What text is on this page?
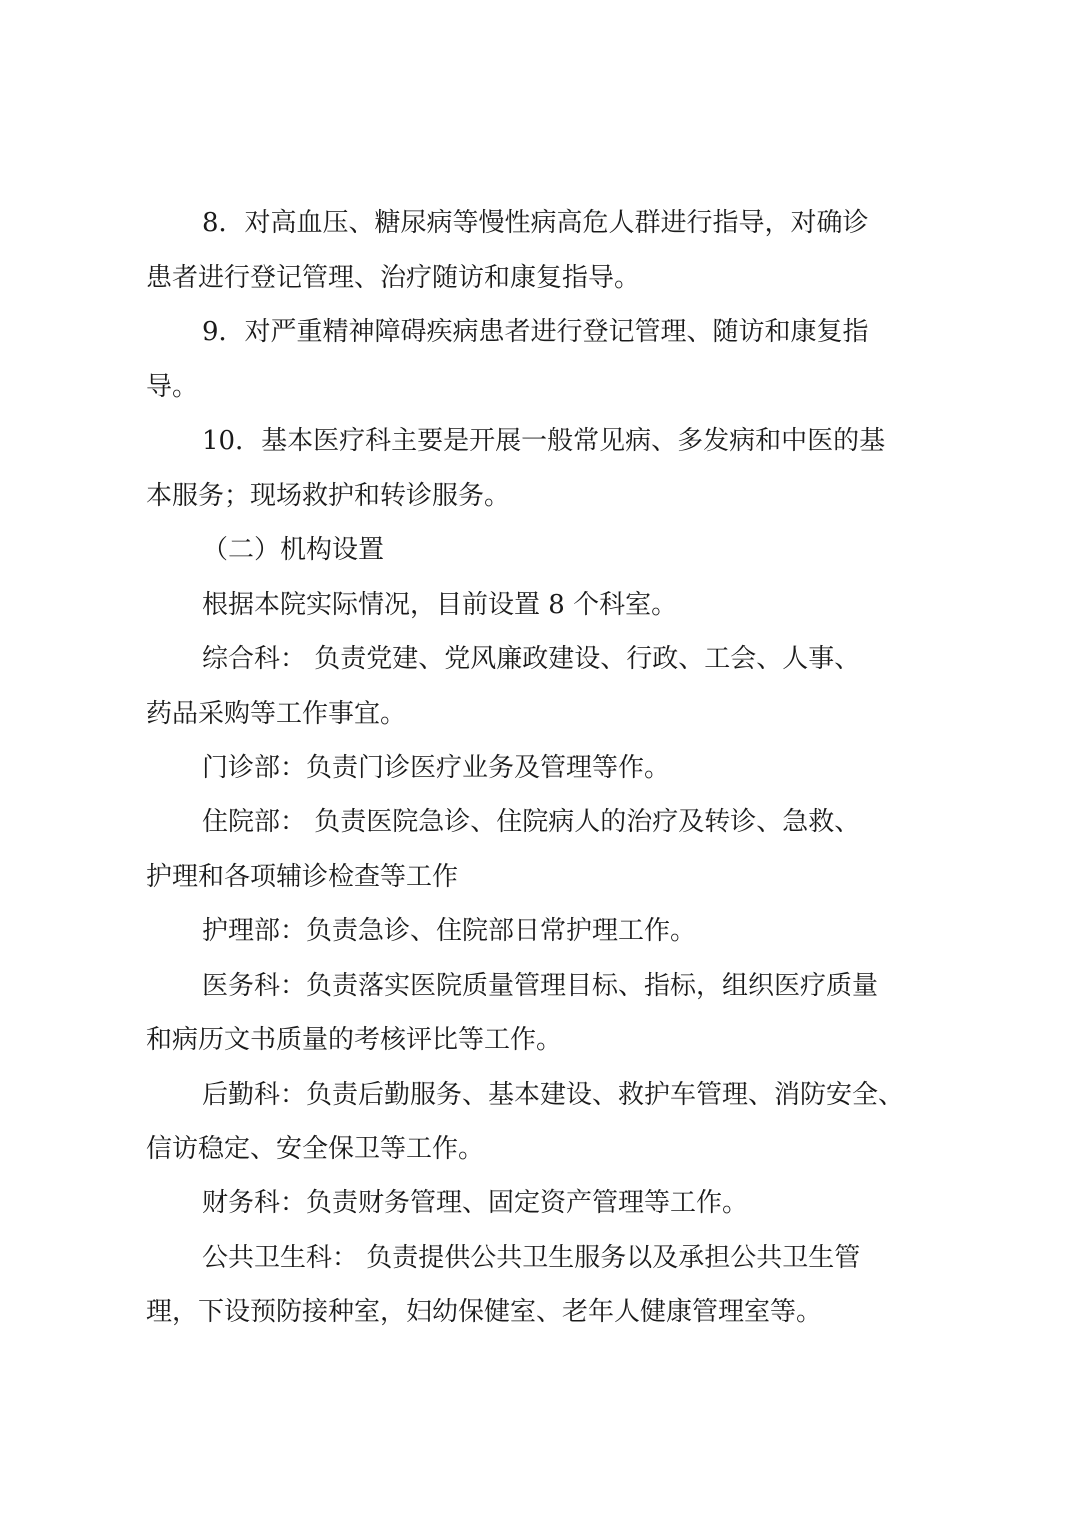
8．对高血压、糖尿病等慢性病高危人群进行指导，对确诊
患者进行登记管理、治疗随访和康复指导。
9．对严重精神障碍疾病患者进行登记管理、随访和康复指
导。
10．基本医疗科主要是开展一般常见病、多发病和中医的基
本服务；现场救护和转诊服务。
（二）机构设置
根据本院实际情况，目前设置 8 个科室。
综合科： 负责党建、党风廉政建设、行政、工会、人事、
药品采购等工作事宜。
门诊部：负责门诊医疗业务及管理等作。
住院部： 负责医院急诊、住院病人的治疗及转诊、急救、
护理和各项辅诊检查等工作
护理部：负责急诊、住院部日常护理工作。
医务科：负责落实医院质量管理目标、指标，组织医疗质量
和病历文书质量的考核评比等工作。
后勤科：负责后勤服务、基本建设、救护车管理、消防安全、
信访稳定、安全保卫等工作。
财务科：负责财务管理、固定资产管理等工作。
公共卫生科： 负责提供公共卫生服务以及承担公共卫生管
理，下设预防接种室，妇幼保健室、老年人健康管理室等。
